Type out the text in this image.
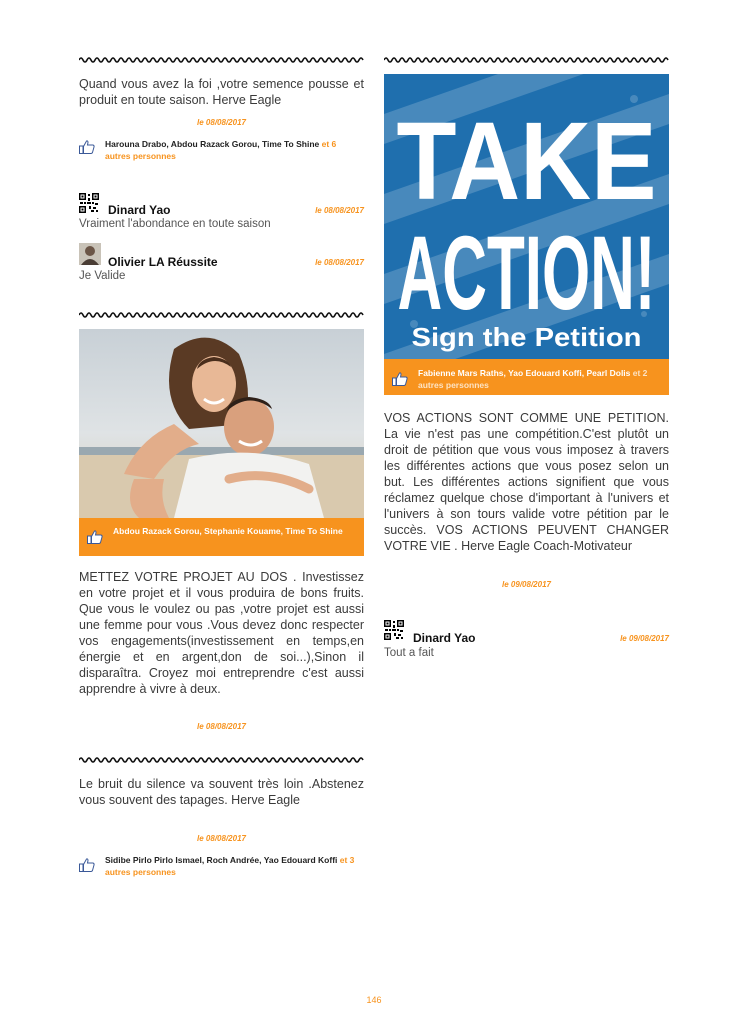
Quand vous avez la foi ,votre semence pousse et produit en toute saison. Herve Eagle

le 08/08/2017
Harouna Drabo, Abdou Razack Gorou, Time To Shine et 6 autres personnes
Dinard Yao	le 08/08/2017
Vraiment l'abondance en toute saison
Olivier LA Réussite	le 08/08/2017
Je Valide
Abdou Razack Gorou, Stephanie Kouame, Time To Shine

METTEZ VOTRE PROJET AU DOS . Investissez en votre projet et il vous produira de bons fruits. Que vous le voulez ou pas ,votre projet est aussi une femme pour vous .Vous devez donc respecter vos engagements(investissement en temps,en énergie et en argent,don de soi...),Sinon il disparaîtra. Croyez moi entreprendre c'est aussi apprendre à vivre à deux.

le 08/08/2017

Le bruit du silence va souvent très loin .Abstenez vous souvent des tapages. Herve Eagle

le 08/08/2017
Sidibe Pirlo Pirlo Ismael, Roch Andrée, Yao Edouard Koffi et 3 autres personnes
TAKE
ACTION!
Sign the Petition
Fabienne Mars Raths, Yao Edouard Koffi, Pearl Dolis et 2 autres personnes

VOS ACTIONS SONT COMME UNE PETITION. La vie n'est pas une compétition.C'est plutôt un droit de pétition que vous vous imposez à travers les différentes actions que vous posez selon un but. Les différentes actions signifient que vous réclamez quelque chose d'important à l'univers et l'univers à son tours valide votre pétition par le succès. VOS ACTIONS PEUVENT CHANGER VOTRE VIE . Herve Eagle Coach-Motivateur

le 09/08/2017
Dinard Yao	le 09/08/2017
Tout a fait
146
